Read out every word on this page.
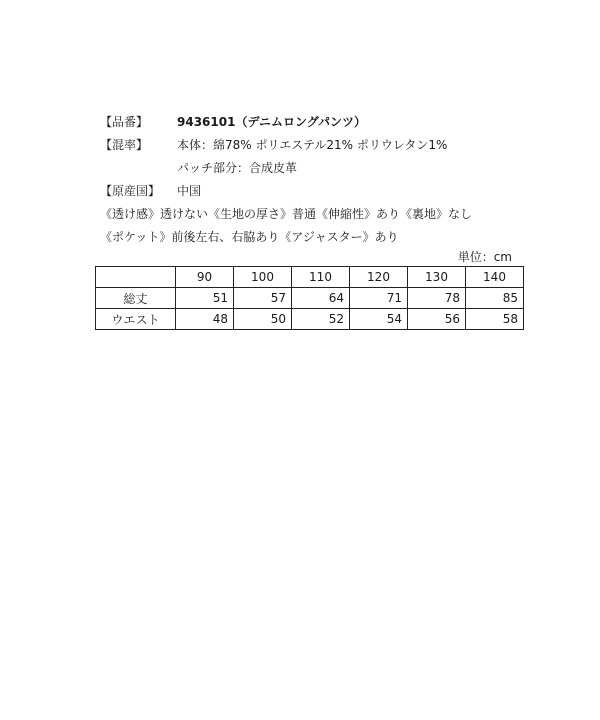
【品番】 9436101（デニムロングパンツ）
【混率】 本体：綿78% ポリエステル21% ポリウレタン1%
パッチ部分：合成皮革
【原産国】 中国
《透け感》透けない《生地の厚さ》普通《伸縮性》あり《裏地》なし
《ポケット》前後左右、右脇あり《アジャスター》あり
単位：cm
	90	100	110	120	130	140
総丈	51	57	64	71	78	85
ウエスト	48	50	52	54	56	58
